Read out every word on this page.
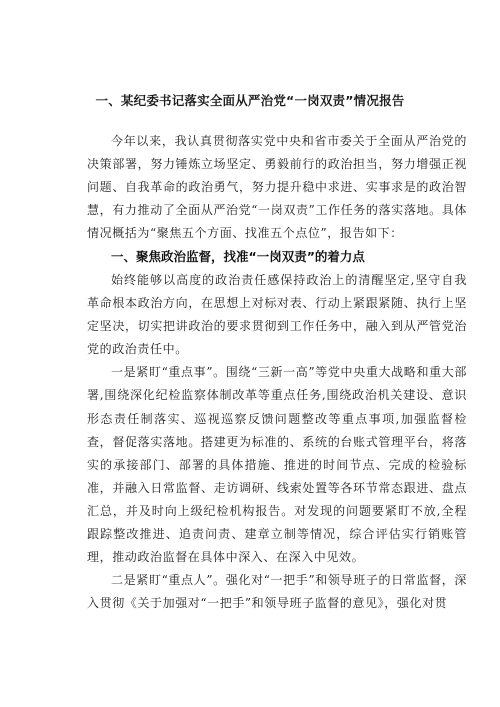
一、某纪委书记落实全面从严治党“一岗双责”情况报告

今年以来，我认真贯彻落实党中央和省市委关于全面从严治党的决策部署，努力锤炼立场坚定、勇毅前行的政治担当，努力增强正视问题、自我革命的政治勇气，努力提升稳中求进、实事求是的政治智慧，有力推动了全面从严治党“一岗双责”工作任务的落实落地。具体情况概括为“聚焦五个方面、找准五个点位”，报告如下：

一、聚焦政治监督，找准“一岗双责”的着力点

始终能够以高度的政治责任感保持政治上的清醒坚定,坚守自我革命根本政治方向，在思想上对标对表、行动上紧跟紧随、执行上坚定坚决，切实把讲政治的要求贯彻到工作任务中，融入到从严管党治党的政治责任中。

一是紧盯“重点事”。围绕“三新一高”等党中央重大战略和重大部署,围绕深化纪检监察体制改革等重点任务,围绕政治机关建设、意识形态责任制落实、巡视巡察反馈问题整改等重点事项,加强监督检查，督促落实落地。搭建更为标准的、系统的台账式管理平台，将落实的承接部门、部署的具体措施、推进的时间节点、完成的检验标准，并融入日常监督、走访调研、线索处置等各环节常态跟进、盘点汇总，并及时向上级纪检机构报告。对发现的问题要紧盯不放,全程跟踪整改推进、追责问责、建章立制等情况，综合评估实行销账管理，推动政治监督在具体中深入、在深入中见效。

二是紧盯“重点人”。强化对“一把手”和领导班子的日常监督，深入贯彻《关于加强对“一把手”和领导班子监督的意见》，强化对贯
